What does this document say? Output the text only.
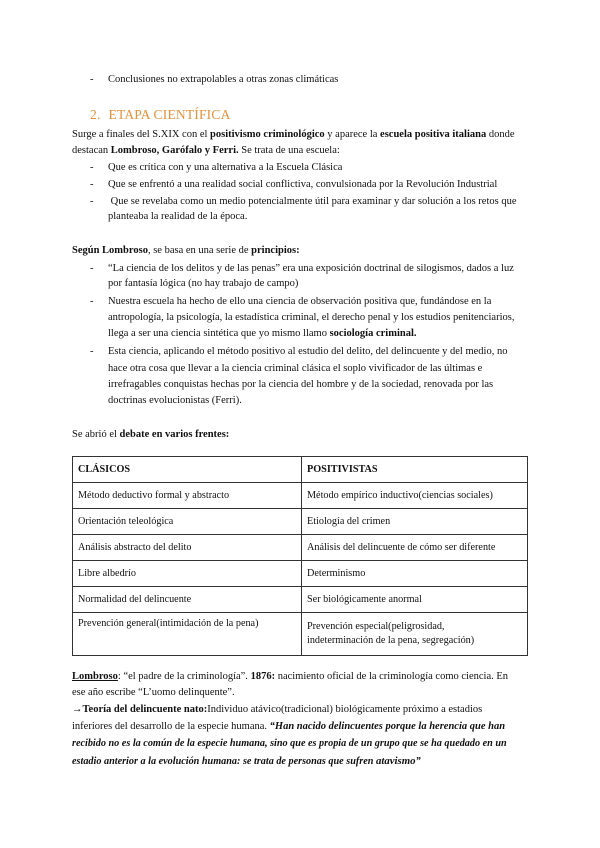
- Conclusiones no extrapolables a otras zonas climáticas
2. ETAPA CIENTÍFICA
Surge a finales del S.XIX con el positivismo criminológico y aparece la escuela positiva italiana donde
destacan Lombroso, Garófalo y Ferri. Se trata de una escuela:
- Que es crítica con y una alternativa a la Escuela Clásica
- Que se enfrentó a una realidad social conflictiva, convulsionada por la Revolución Industrial
- Que se revelaba como un medio potencialmente útil para examinar y dar solución a los retos que
planteaba la realidad de la época.
Según Lombroso, se basa en una serie de principios:
- “La ciencia de los delitos y de las penas” era una exposición doctrinal de silogismos, dados a luz
por fantasía lógica (no hay trabajo de campo)
- Nuestra escuela ha hecho de ello una ciencia de observación positiva que, fundándose en la
antropología, la psicología, la estadística criminal, el derecho penal y los estudios penitenciarios,
llega a ser una ciencia sintética que yo mismo llamo sociología criminal.
- Esta ciencia, aplicando el método positivo al estudio del delito, del delincuente y del medio, no
hace otra cosa que llevar a la ciencia criminal clásica el soplo vivificador de las últimas e
irrefragables conquistas hechas por la ciencia del hombre y de la sociedad, renovada por las
doctrinas evolucionistas (Ferri).
Se abrió el debate en varios frentes:
CLÁSICOS	POSITIVISTAS
Método deductivo formal y abstracto	Método empírico inductivo(ciencias sociales)
Orientación teleológica	Etiología del crimen
Análisis abstracto del delito	Análisis del delincuente de cómo ser diferente
Libre albedrío	Determinismo
Normalidad del delincuente	Ser biológicamente anormal
Prevención general(intimidación de la pena)	Prevención especial(peligrosidad,
indeterminación de la pena, segregación)
Lombroso: “el padre de la criminología”. 1876: nacimiento oficial de la criminología como ciencia. En
ese año escribe “L’uomo delinquente”.
→Teoría del delincuente nato:Individuo atávico(tradicional) biológicamente próximo a estadios
inferiores del desarrollo de la especie humana. “Han nacido delincuentes porque la herencia que han
recibido no es la común de la especie humana, sino que es propia de un grupo que se ha quedado en un
estadio anterior a la evolución humana: se trata de personas que sufren atavismo”
